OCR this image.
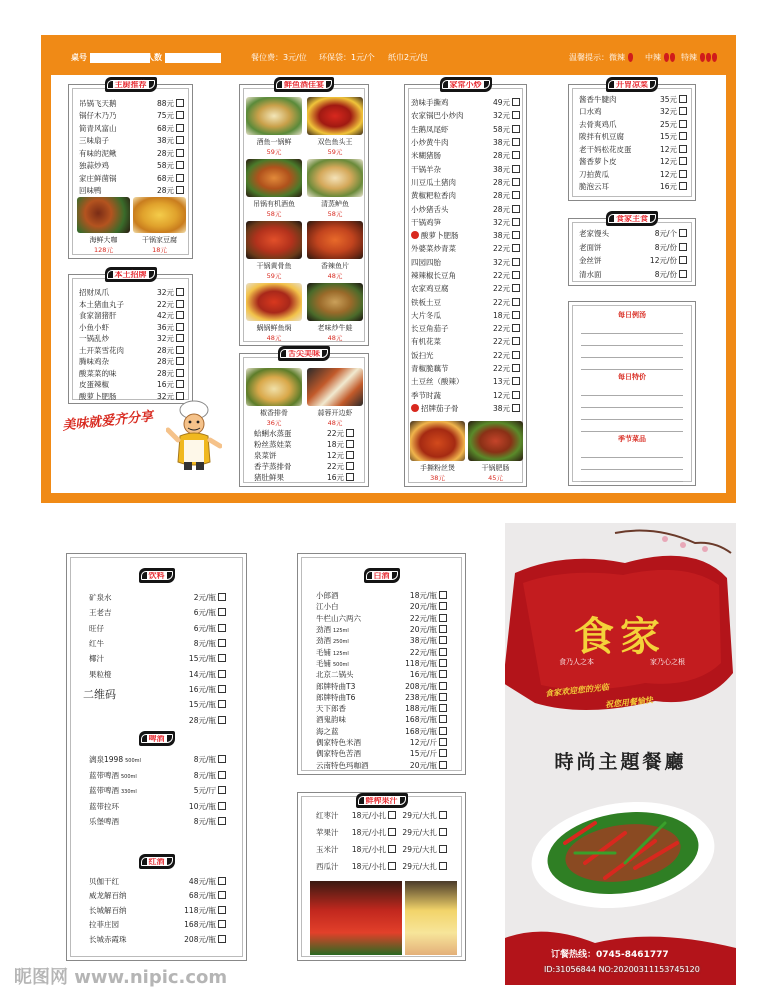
桌号	人数	餐位费：3元/位 环保袋：1元/个 纸巾2元/包	温馨提示：微辣	中辣	特辣
主厨推荐
吊锅飞天鹅	88元
锅仔木乃乃	75元
简青风富山	68元
三味扇子	38元
有味的泥鳅	28元
独蒜炒鸡	58元
家庄鲜菌锅	68元
回味鸭	28元
海鲜大咖
128元
干锅家豆腐
18元
本土招牌
招财凤爪	32元
本土猪血丸子	22元
食家溜猪肝	42元
小鱼小虾	36元
一锅乱炒	32元
土开菜雪花肉	28元
腾味鸡杂	28元
酸菜菜的味	28元
皮蛋辣椒	16元
酸萝卜肥肠	32元
美味就爱齐分享
鲜鱼酒佳宴
酒鱼一锅鲜
59元
双色鱼头王
59元
吊锅有机酒鱼
58元
清蒸鲈鱼
58元
干锅黄骨鱼
59元
香辣鱼片
48元
蜗锅鲜鱼焖
48元
老味炒牛蛙
48元
舌尖美味
椒香排骨
36元
蒜蓉开边虾
48元
蛤蜊水蒸蛋	22元
粉丝蒸娃菜	18元
泉菜饼	12元
香芋蒸排骨	22元
猪肚鲜果	16元
家常小炒
劲味手撕鸡	49元
农家锅巴小炒肉	32元
生鹅凤尾虾	58元
小炒黄牛肉	38元
米糊猪肠	28元
干锅羊杂	38元
川豆瓜土猪肉	28元
黄椒粑粒香肉	28元
小炒猪舌头	28元
干锅鸡笋	32元
酸萝卜肥肠	38元
外婆菜炒青菜	22元
四园四胎	32元
辣辣椒长豆角	22元
农家鸡豆腐	22元
铁板土豆	22元
大片冬瓜	18元
长豆角茄子	22元
有机花菜	22元
饭扫光	22元
青椒脆藕节	22元
土豆丝（酸辣）	13元
季节时蔬	12元
招牌茄子骨	38元
手撕粉丝煲
38元
干锅肥肠
45元
开胃凉菜
酱香牛腱肉	35元
口水鸡	32元
去骨爽鸡爪	25元
陂拌有机豆腐	15元
老干妈松花皮蛋	12元
酱香萝卜皮	12元
刀拍黄瓜	12元
脆泡云耳	16元
食家主食
老家馒头	8元/个
老面饼	8元/份
金丝饼	12元/份
清水面	8元/份
每日例汤
每日特价
季节菜品
饮料
矿泉水	2元/瓶
王老吉	6元/瓶
旺仔	6元/瓶
红牛	8元/瓶
椰汁	15元/瓶
果粒橙	14元/瓶
16元/瓶
15元/瓶
28元/瓶
二维码
啤酒
漓泉1998 500ml	8元/瓶
蓝带啤酒 500ml	8元/瓶
蓝带啤酒 330ml	5元/厅
蓝带拉环	10元/瓶
乐堡啤酒	8元/瓶
红酒
贝伽干红	48元/瓶
威龙解百纳	68元/瓶
长城解百纳	118元/瓶
拉菲庄园	168元/瓶
长城赤霞珠	208元/瓶
白酒
小郎酒	18元/瓶
江小白	20元/瓶
牛栏山六两六	22元/瓶
劲酒 125ml	20元/瓶
劲酒 250ml	38元/瓶
毛铺 125ml	22元/瓶
毛铺 500ml	118元/瓶
北京二锅头	16元/瓶
郎牌特曲T3	208元/瓶
郎牌特曲T6	238元/瓶
天下郎香	188元/瓶
酒鬼韵味	168元/瓶
海之蓝	168元/瓶
偶家特色米酒	12元/斤
偶家特色苦酒	15元/斤
云南特色玛咖酒	20元/瓶
鲜榨果汁
红枣汁	18元/小扎	29元/大扎
苹果汁	18元/小扎	29元/大扎
玉米汁	18元/小扎	29元/大扎
西瓜汁	18元/小扎	29元/大扎
食家
食乃人之本	家乃心之根
食家欢迎您的光临
祝您用餐愉快
時尚主題餐廳
订餐热线：0745-8461777
昵图网 www.nipic.com	ID:31056844 NO:20200311153745120
